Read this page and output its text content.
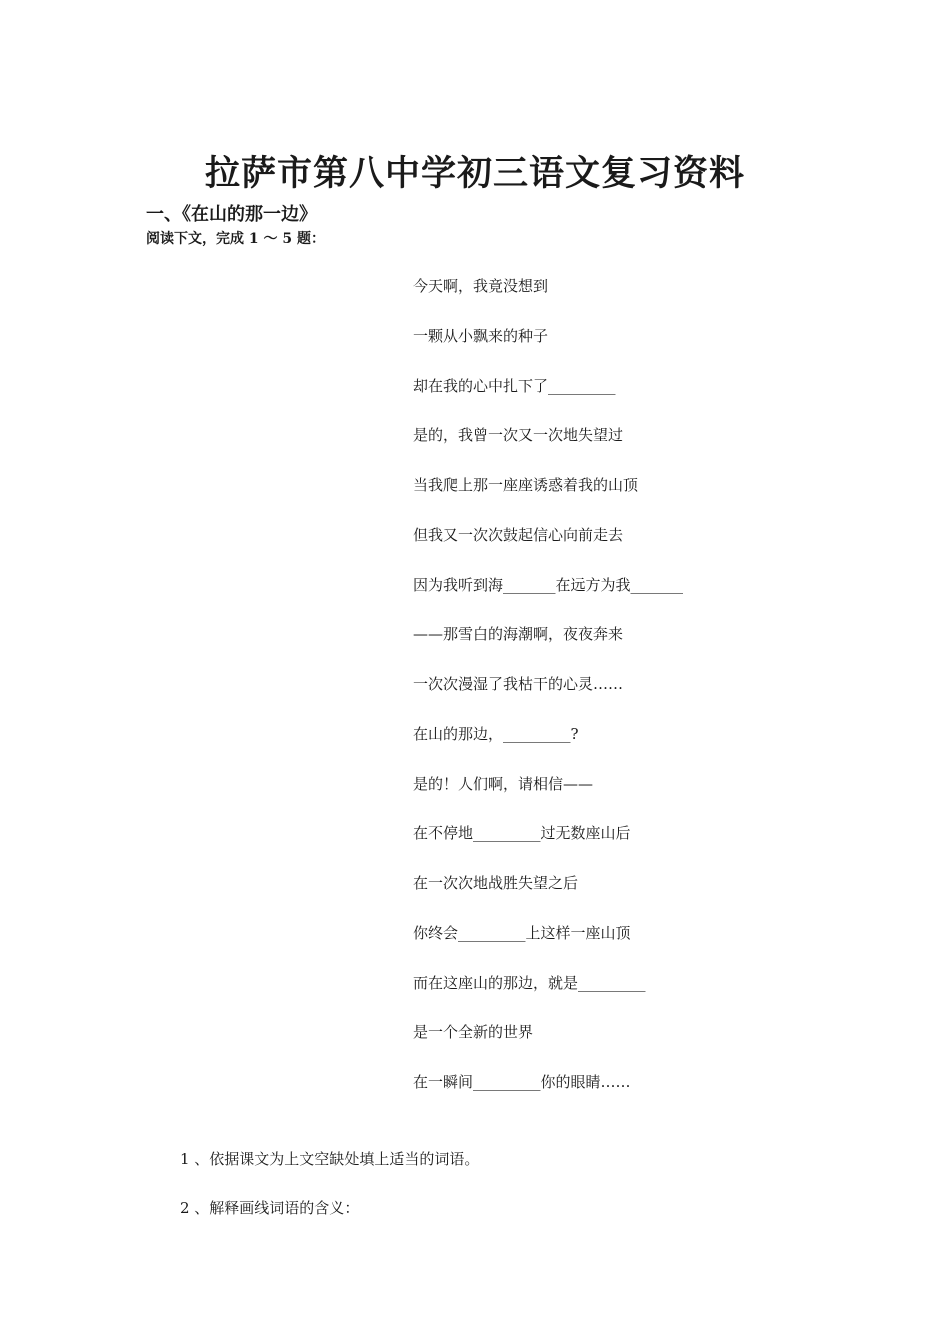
拉萨市第八中学初三语文复习资料
一、《在山的那一边》

阅读下文，完成 1 ～ 5 题：

今天啊，我竟没想到
一颗从小飘来的种子
却在我的心中扎下了_________
是的，我曾一次又一次地失望过
当我爬上那一座座诱惑着我的山顶
但我又一次次鼓起信心向前走去
因为我听到海_______在远方为我_______
——那雪白的海潮啊，夜夜奔来
一次次漫湿了我枯干的心灵……
在山的那边，_________?
是的！人们啊，请相信——
在不停地_________过无数座山后
在一次次地战胜失望之后
你终会_________上这样一座山顶
而在这座山的那边，就是_________
是一个全新的世界
在一瞬间_________你的眼睛……
1 、依据课文为上文空缺处填上适当的词语。
2 、解释画线词语的含义：
